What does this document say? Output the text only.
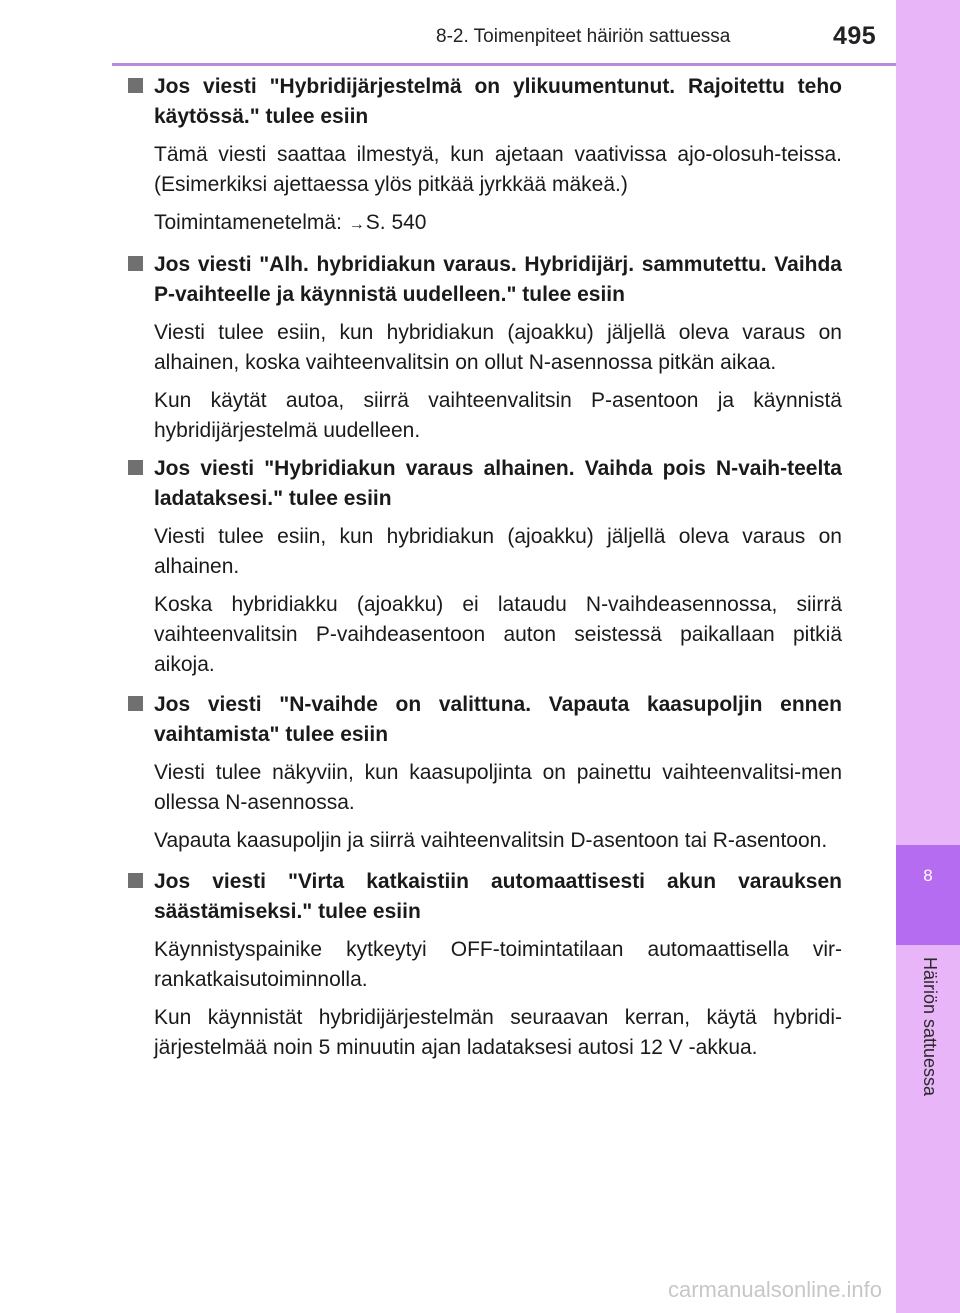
8-2. Toimenpiteet häiriön sattuessa	495
8
Häiriön sattuessa
Jos viesti "Hybridijärjestelmä on ylikuumentunut. Rajoitettu teho käytössä." tulee esiin
Tämä viesti saattaa ilmestyä, kun ajetaan vaativissa ajo-olosuh-teissa. (Esimerkiksi ajettaessa ylös pitkää jyrkkää mäkeä.)
Toimintamenetelmä: →S. 540
Jos viesti "Alh. hybridiakun varaus. Hybridijärj. sammutettu. Vaihda P-vaihteelle ja käynnistä uudelleen." tulee esiin
Viesti tulee esiin, kun hybridiakun (ajoakku) jäljellä oleva varaus on alhainen, koska vaihteenvalitsin on ollut N-asennossa pitkän aikaa.
Kun käytät autoa, siirrä vaihteenvalitsin P-asentoon ja käynnistä hybridijärjestelmä uudelleen.
Jos viesti "Hybridiakun varaus alhainen. Vaihda pois N-vaih-teelta ladataksesi." tulee esiin
Viesti tulee esiin, kun hybridiakun (ajoakku) jäljellä oleva varaus on alhainen.
Koska hybridiakku (ajoakku) ei lataudu N-vaihdeasennossa, siirrä vaihteenvalitsin P-vaihdeasentoon auton seistessä paikallaan pitkiä aikoja.
Jos viesti "N-vaihde on valittuna. Vapauta kaasupoljin ennen vaihtamista" tulee esiin
Viesti tulee näkyviin, kun kaasupoljinta on painettu vaihteenvalitsi-men ollessa N-asennossa.
Vapauta kaasupoljin ja siirrä vaihteenvalitsin D-asentoon tai R-asentoon.
Jos viesti "Virta katkaistiin automaattisesti akun varauksen säästämiseksi." tulee esiin
Käynnistyspainike kytkeytyi OFF-toimintatilaan automaattisella vir-rankatkaisutoiminnolla.
Kun käynnistät hybridijärjestelmän seuraavan kerran, käytä hybridi-järjestelmää noin 5 minuutin ajan ladataksesi autosi 12 V -akkua.
carmanualsonline.info
